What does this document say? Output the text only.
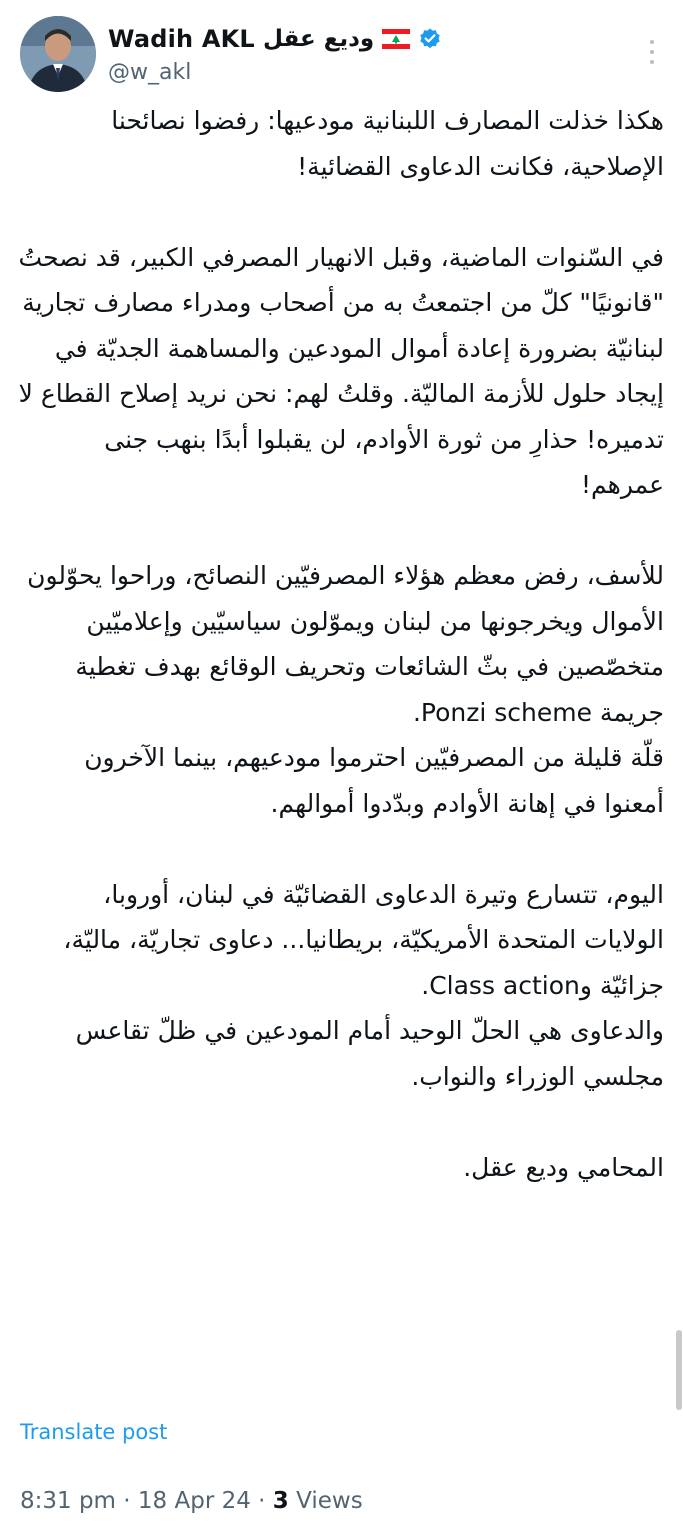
Wadih AKL وديع عقل
@w_akl

هكذا خذلت المصارف اللبنانية مودعيها: رفضوا نصائحنا الإصلاحية، فكانت الدعاوى القضائية!

في السّنوات الماضية، وقبل الانهيار المصرفي الكبير، قد نصحتُ "قانونيًا" كلّ من اجتمعتُ به من أصحاب ومدراء مصارف تجارية لبنانيّة بضرورة إعادة أموال المودعين والمساهمة الجديّة في إيجاد حلول للأزمة الماليّة. وقلتُ لهم: نحن نريد إصلاح القطاع لا تدميره! حذارِ من ثورة الأوادم، لن يقبلوا أبدًا بنهب جنى عمرهم!

للأسف، رفض معظم هؤلاء المصرفيّين النصائح، وراحوا يحوّلون الأموال ويخرجونها من لبنان ويموّلون سياسيّين وإعلاميّين متخصّصين في بثّ الشائعات وتحريف الوقائع بهدف تغطية جريمة Ponzi scheme.

قلّة قليلة من المصرفيّين احترموا مودعيهم، بينما الآخرون أمعنوا في إهانة الأوادم وبدّدوا أموالهم.

اليوم، تتسارع وتيرة الدعاوى القضائيّة في لبنان، أوروبا، الولايات المتحدة الأمريكيّة، بريطانيا... دعاوى تجاريّة، ماليّة، جزائيّة وClass action.

والدعاوى هي الحلّ الوحيد أمام المودعين في ظلّ تقاعس مجلسي الوزراء والنواب.

المحامي وديع عقل.

Translate post
8:31 pm · 18 Apr 24 · 3 Views
